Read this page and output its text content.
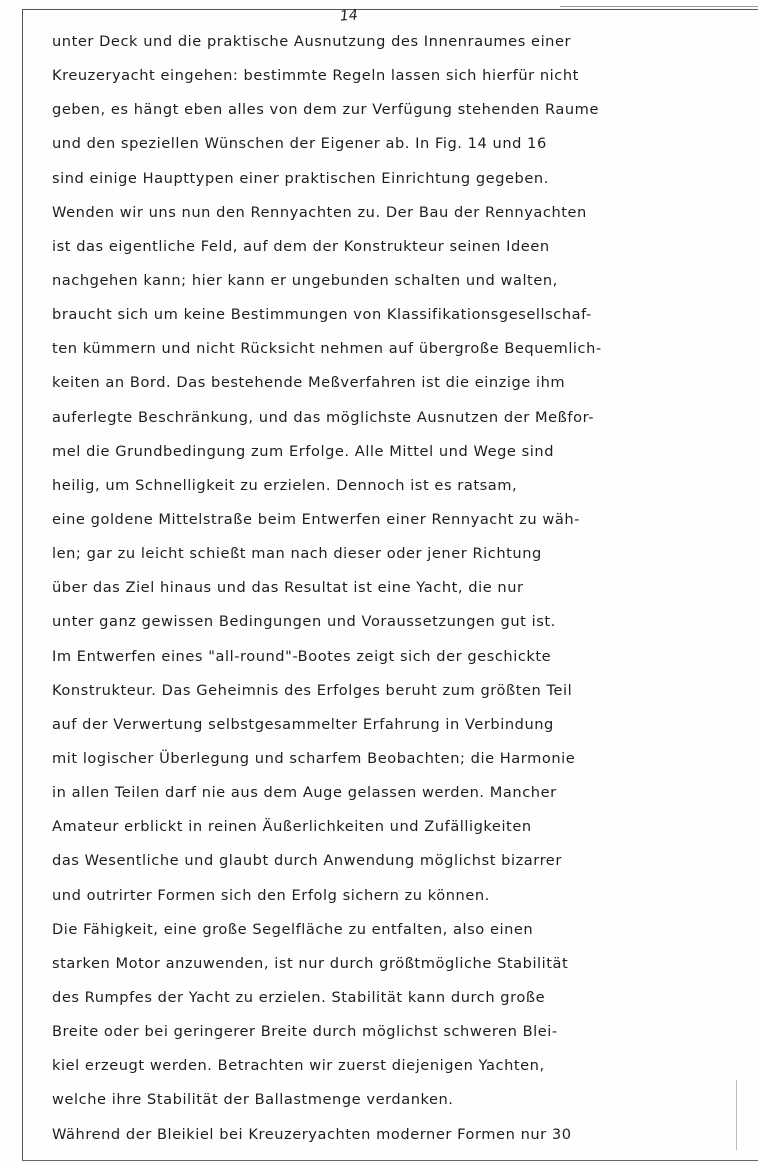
14
unter Deck und die praktische Ausnutzung des Innenraumes einer
Kreuzeryacht eingehen: bestimmte Regeln lassen sich hierfür nicht
geben, es hängt eben alles von dem zur Verfügung stehenden Raume
und den speziellen Wünschen der Eigener ab. In Fig. 14 und 16
sind einige Haupttypen einer praktischen Einrichtung gegeben.
Wenden wir uns nun den Rennyachten zu. Der Bau der Rennyachten
ist das eigentliche Feld, auf dem der Konstrukteur seinen Ideen
nachgehen kann; hier kann er ungebunden schalten und walten,
braucht sich um keine Bestimmungen von Klassifikationsgesellschaf-
ten kümmern und nicht Rücksicht nehmen auf übergroße Bequemlich-
keiten an Bord. Das bestehende Meßverfahren ist die einzige ihm
auferlegte Beschränkung, und das möglichste Ausnutzen der Meßfor-
mel die Grundbedingung zum Erfolge. Alle Mittel und Wege sind
heilig, um Schnelligkeit zu erzielen. Dennoch ist es ratsam,
eine goldene Mittelstraße beim Entwerfen einer Rennyacht zu wäh-
len; gar zu leicht schießt man nach dieser oder jener Richtung
über das Ziel hinaus und das Resultat ist eine Yacht, die nur
unter ganz gewissen Bedingungen und Voraussetzungen gut ist.
Im Entwerfen eines "all-round"-Bootes zeigt sich der geschickte
Konstrukteur. Das Geheimnis des Erfolges beruht zum größten Teil
auf der Verwertung selbstgesammelter Erfahrung in Verbindung
mit logischer Überlegung und scharfem Beobachten; die Harmonie
in allen Teilen darf nie aus dem Auge gelassen werden. Mancher
Amateur erblickt in reinen Äußerlichkeiten und Zufälligkeiten
das Wesentliche und glaubt durch Anwendung möglichst bizarrer
und outrirter Formen sich den Erfolg sichern zu können.
Die Fähigkeit, eine große Segelfläche zu entfalten, also einen
starken Motor anzuwenden, ist nur durch größtmögliche Stabilität
des Rumpfes der Yacht zu erzielen. Stabilität kann durch große
Breite oder bei geringerer Breite durch möglichst schweren Blei-
kiel erzeugt werden. Betrachten wir zuerst diejenigen Yachten,
welche ihre Stabilität der Ballastmenge verdanken.
Während der Bleikiel bei Kreuzeryachten moderner Formen nur 30
